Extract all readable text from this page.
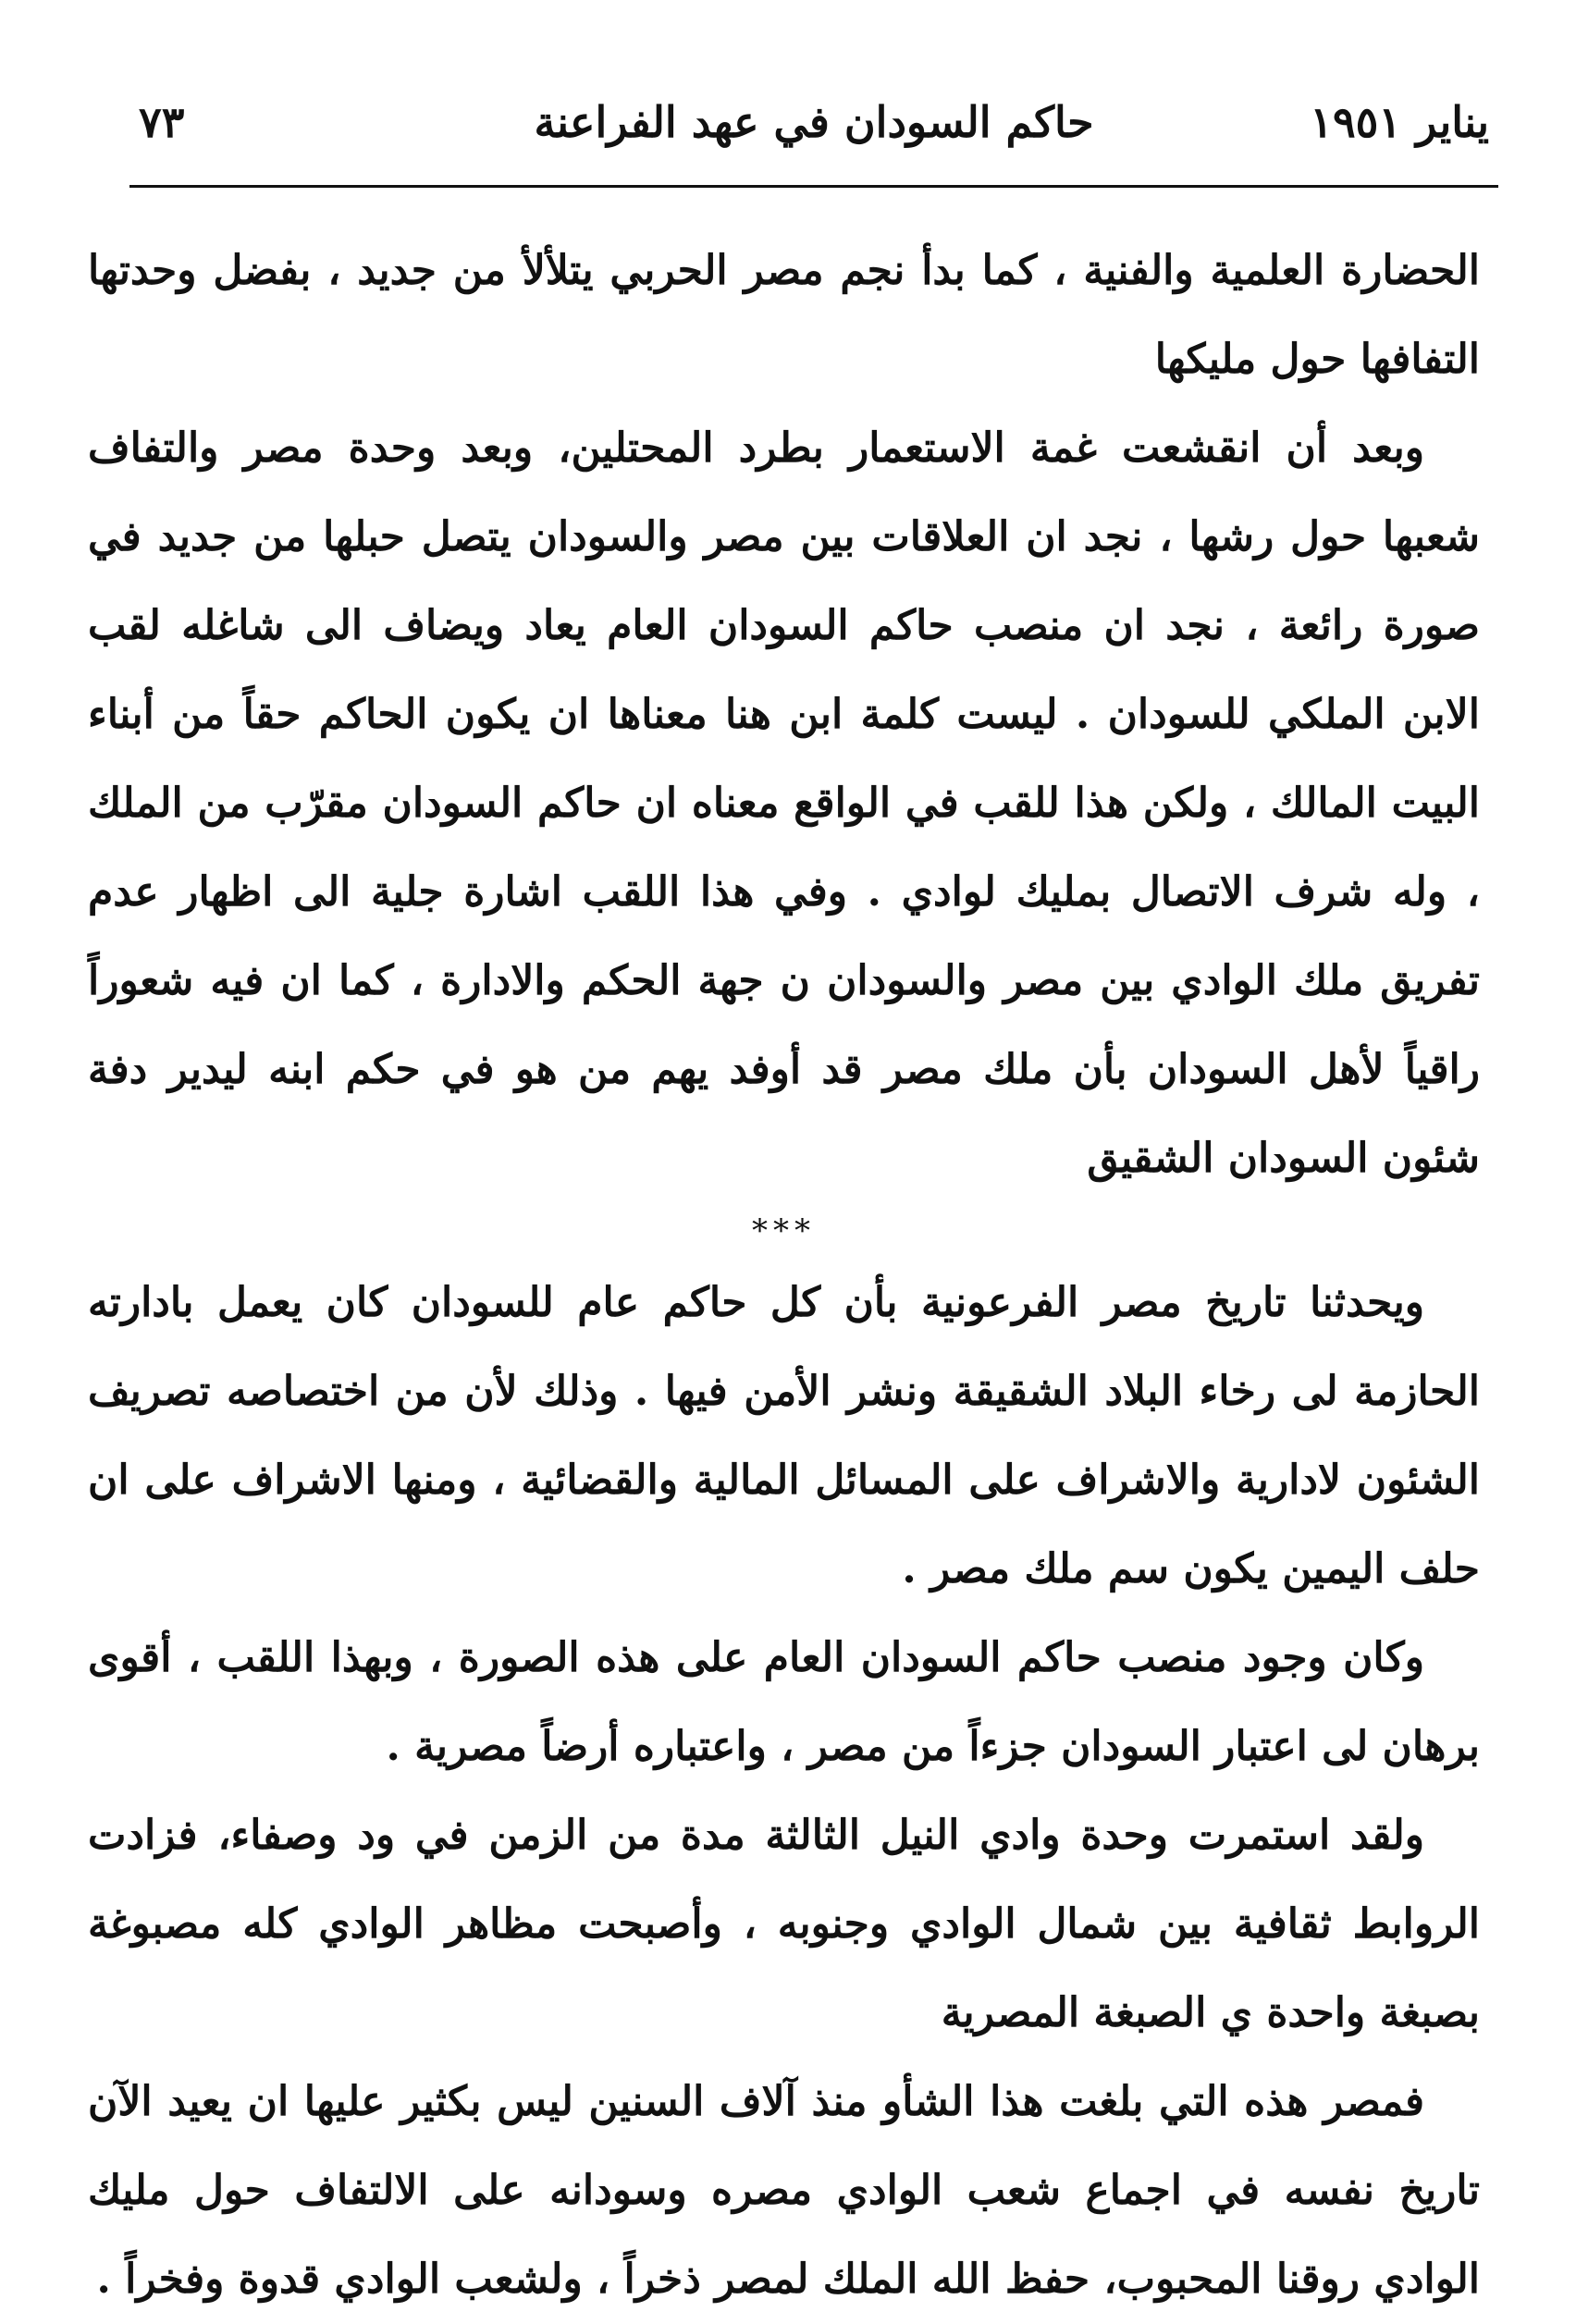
يناير ١٩٥١
حاكم السودان في عهد الفراعنة
٧٣

الحضارة العلمية والفنية ، كما بدأ نجم مصر الحربي يتلألأ من جديد ، بفضل وحدتها التفافها حول مليكها

وبعد أن انقشعت غمة الاستعمار بطرد المحتلين، وبعد وحدة مصر والتفاف شعبها حول رشها ، نجد ان العلاقات بين مصر والسودان يتصل حبلها من جديد في صورة رائعة ، نجد ان منصب حاكم السودان العام يعاد ويضاف الى شاغله لقب الابن الملكي للسودان . ليست كلمة ابن هنا معناها ان يكون الحاكم حقاً من أبناء البيت المالك ، ولكن هذا للقب في الواقع معناه ان حاكم السودان مقرّب من الملك ، وله شرف الاتصال بمليك لوادي . وفي هذا اللقب اشارة جلية الى اظهار عدم تفريق ملك الوادي بين مصر والسودان ن جهة الحكم والادارة ، كما ان فيه شعوراً راقياً لأهل السودان بأن ملك مصر قد أوفد يهم من هو في حكم ابنه ليدير دفة شئون السودان الشقيق

***

ويحدثنا تاريخ مصر الفرعونية بأن كل حاكم عام للسودان كان يعمل بادارته الحازمة لى رخاء البلاد الشقيقة ونشر الأمن فيها . وذلك لأن من اختصاصه تصريف الشئون لادارية والاشراف على المسائل المالية والقضائية ، ومنها الاشراف على ان حلف اليمين يكون سم ملك مصر .

وكان وجود منصب حاكم السودان العام على هذه الصورة ، وبهذا اللقب ، أقوى برهان لى اعتبار السودان جزءاً من مصر ، واعتباره أرضاً مصرية .

ولقد استمرت وحدة وادي النيل الثالثة مدة من الزمن في ود وصفاء، فزادت الروابط ثقافية بين شمال الوادي وجنوبه ، وأصبحت مظاهر الوادي كله مصبوغة بصبغة واحدة ي الصبغة المصرية

فمصر هذه التي بلغت هذا الشأو منذ آلاف السنين ليس بكثير عليها ان يعيد الآن تاريخ نفسه في اجماع شعب الوادي مصره وسودانه على الالتفاف حول مليك الوادي روقنا المحبوب، حفظ الله الملك لمصر ذخراً ، ولشعب الوادي قدوة وفخراً .
